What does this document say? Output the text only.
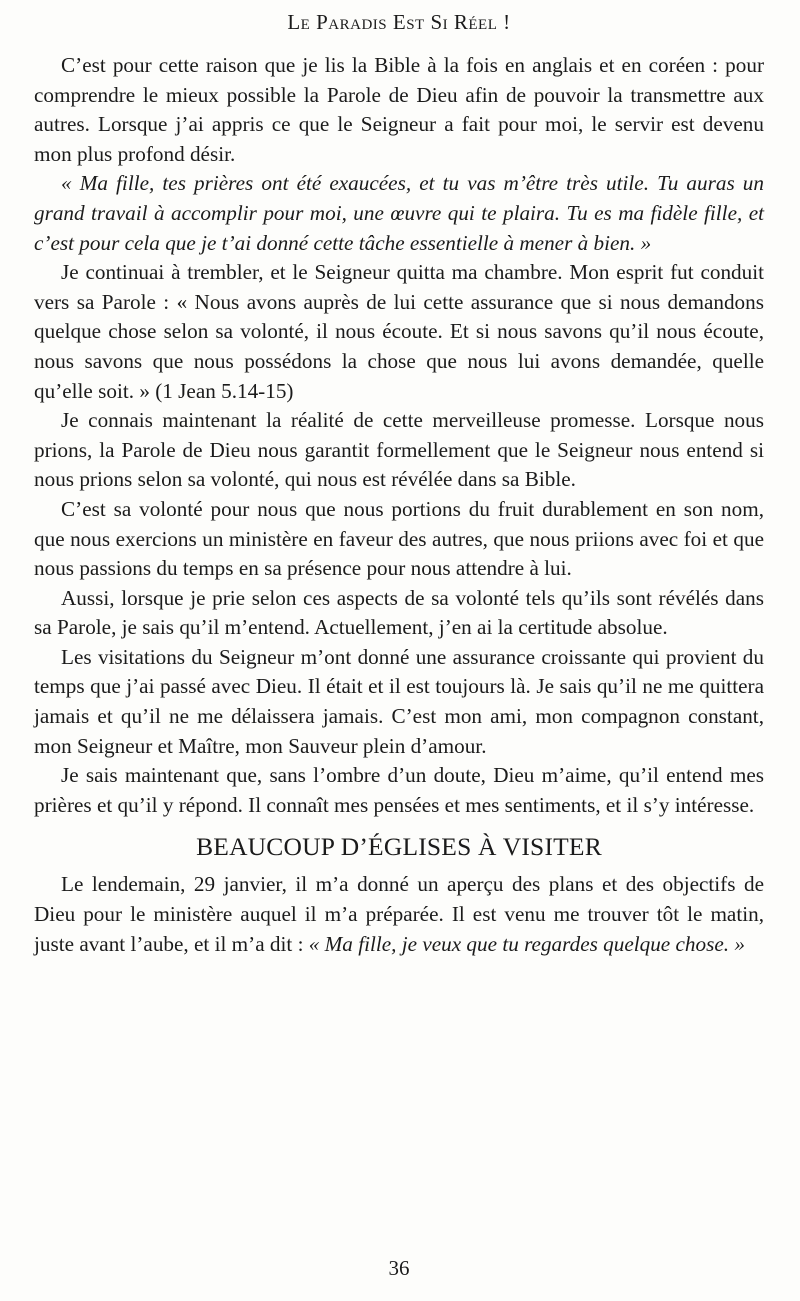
Le Paradis Est Si Réel !

C’est pour cette raison que je lis la Bible à la fois en anglais et en coréen : pour comprendre le mieux possible la Parole de Dieu afin de pouvoir la transmettre aux autres. Lorsque j’ai appris ce que le Seigneur a fait pour moi, le servir est devenu mon plus profond désir.

« Ma fille, tes prières ont été exaucées, et tu vas m’être très utile. Tu auras un grand travail à accomplir pour moi, une œuvre qui te plaira. Tu es ma fidèle fille, et c’est pour cela que je t’ai donné cette tâche essentielle à mener à bien. »

Je continuai à trembler, et le Seigneur quitta ma chambre. Mon esprit fut conduit vers sa Parole : « Nous avons auprès de lui cette assurance que si nous demandons quelque chose selon sa volonté, il nous écoute. Et si nous savons qu’il nous écoute, nous savons que nous possédons la chose que nous lui avons demandée, quelle qu’elle soit. » (1 Jean 5.14-15)

Je connais maintenant la réalité de cette merveilleuse promesse. Lorsque nous prions, la Parole de Dieu nous garantit formellement que le Seigneur nous entend si nous prions selon sa volonté, qui nous est révélée dans sa Bible.

C’est sa volonté pour nous que nous portions du fruit durablement en son nom, que nous exercions un ministère en faveur des autres, que nous priions avec foi et que nous passions du temps en sa présence pour nous attendre à lui.

Aussi, lorsque je prie selon ces aspects de sa volonté tels qu’ils sont révélés dans sa Parole, je sais qu’il m’entend. Actuellement, j’en ai la certitude absolue.

Les visitations du Seigneur m’ont donné une assurance croissante qui provient du temps que j’ai passé avec Dieu. Il était et il est toujours là. Je sais qu’il ne me quittera jamais et qu’il ne me délaissera jamais. C’est mon ami, mon compagnon constant, mon Seigneur et Maître, mon Sauveur plein d’amour.

Je sais maintenant que, sans l’ombre d’un doute, Dieu m’aime, qu’il entend mes prières et qu’il y répond. Il connaît mes pensées et mes sentiments, et il s’y intéresse.

BEAUCOUP D’ÉGLISES À VISITER

Le lendemain, 29 janvier, il m’a donné un aperçu des plans et des objectifs de Dieu pour le ministère auquel il m’a préparée. Il est venu me trouver tôt le matin, juste avant l’aube, et il m’a dit : « Ma fille, je veux que tu regardes quelque chose. »

36
